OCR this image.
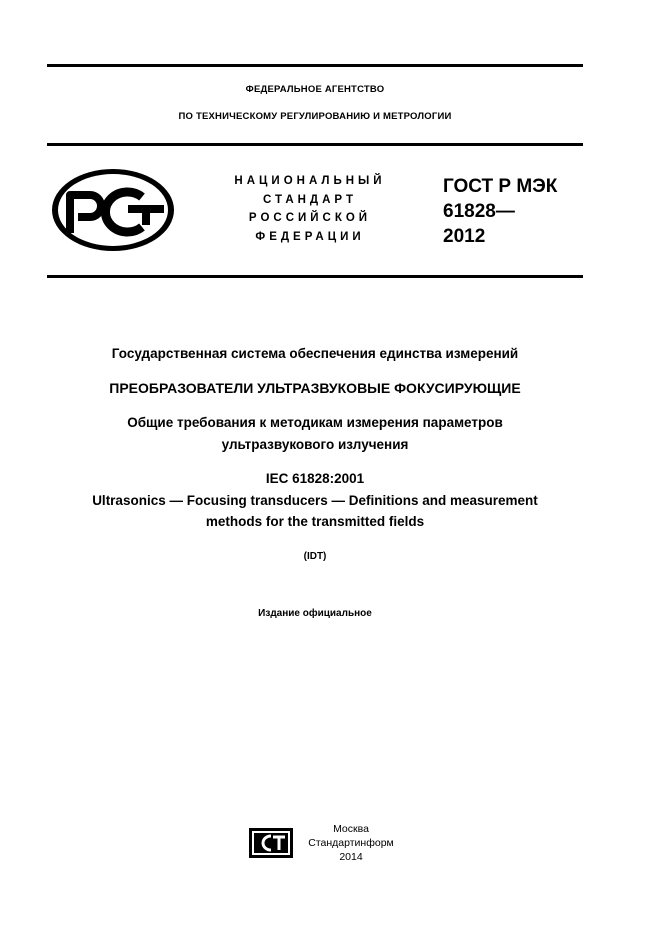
ФЕДЕРАЛЬНОЕ АГЕНТСТВО
ПО ТЕХНИЧЕСКОМУ РЕГУЛИРОВАНИЮ И МЕТРОЛОГИИ
НАЦИОНАЛЬНЫЙ
СТАНДАРТ
РОССИЙСКОЙ
ФЕДЕРАЦИИ
ГОСТ Р МЭК
61828—
2012
Государственная система обеспечения единства измерений
ПРЕОБРАЗОВАТЕЛИ УЛЬТРАЗВУКОВЫЕ ФОКУСИРУЮЩИЕ
Общие требования к методикам измерения параметров
ультразвукового излучения
IEC 61828:2001
Ultrasonics — Focusing transducers — Definitions and measurement
methods for the transmitted fields
(IDT)
Издание официальное
Москва
Стандартинформ
2014
